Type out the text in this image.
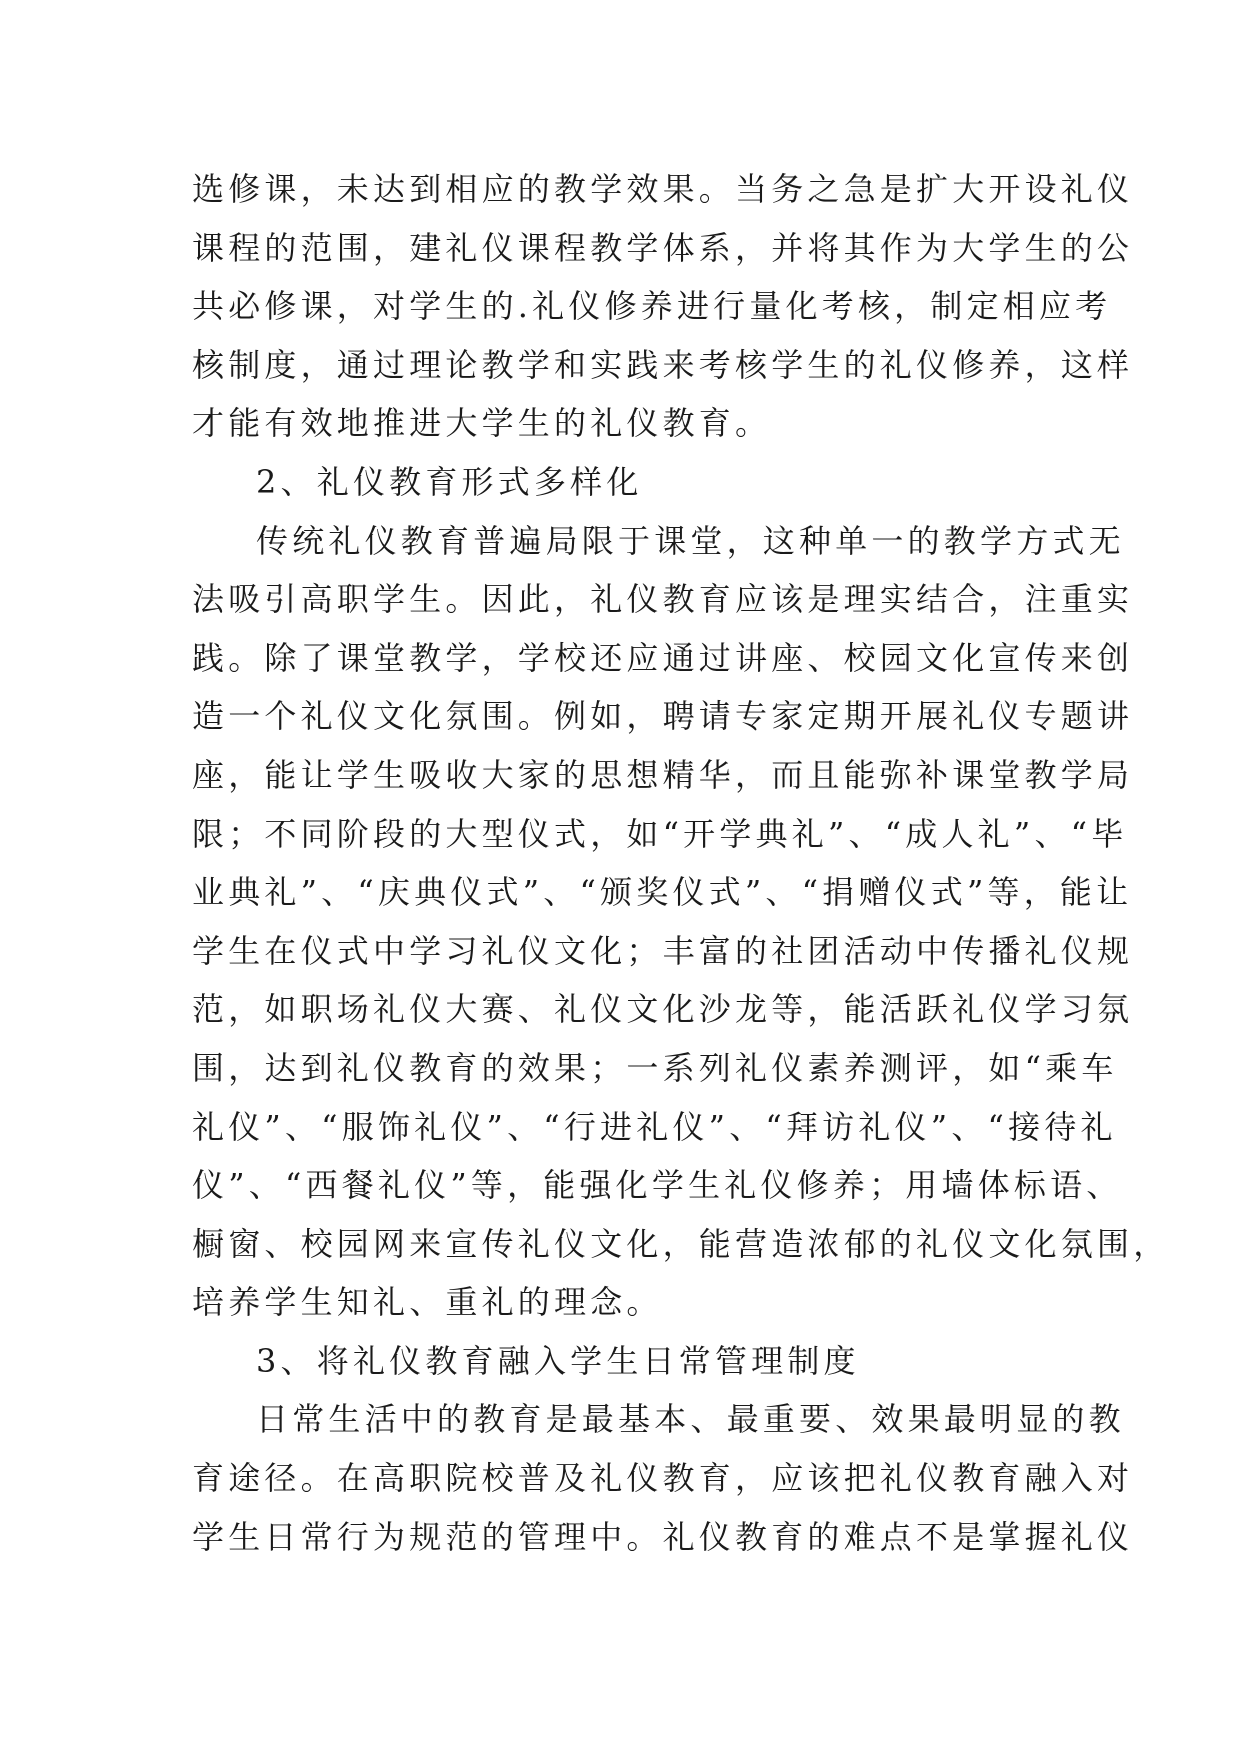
选修课，未达到相应的教学效果。当务之急是扩大开设礼仪
课程的范围，建礼仪课程教学体系，并将其作为大学生的公
共必修课，对学生的.礼仪修养进行量化考核，制定相应考
核制度，通过理论教学和实践来考核学生的礼仪修养，这样
才能有效地推进大学生的礼仪教育。
2、礼仪教育形式多样化
传统礼仪教育普遍局限于课堂，这种单一的教学方式无
法吸引高职学生。因此，礼仪教育应该是理实结合，注重实
践。除了课堂教学，学校还应通过讲座、校园文化宣传来创
造一个礼仪文化氛围。例如，聘请专家定期开展礼仪专题讲
座，能让学生吸收大家的思想精华，而且能弥补课堂教学局
限；不同阶段的大型仪式，如“开学典礼”、“成人礼”、“毕
业典礼”、“庆典仪式”、“颁奖仪式”、“捐赠仪式”等，能让
学生在仪式中学习礼仪文化；丰富的社团活动中传播礼仪规
范，如职场礼仪大赛、礼仪文化沙龙等，能活跃礼仪学习氛
围，达到礼仪教育的效果；一系列礼仪素养测评，如“乘车
礼仪”、“服饰礼仪”、“行进礼仪”、“拜访礼仪”、“接待礼
仪”、“西餐礼仪”等，能强化学生礼仪修养；用墙体标语、
橱窗、校园网来宣传礼仪文化，能营造浓郁的礼仪文化氛围，
培养学生知礼、重礼的理念。
3、将礼仪教育融入学生日常管理制度
日常生活中的教育是最基本、最重要、效果最明显的教
育途径。在高职院校普及礼仪教育，应该把礼仪教育融入对
学生日常行为规范的管理中。礼仪教育的难点不是掌握礼仪
